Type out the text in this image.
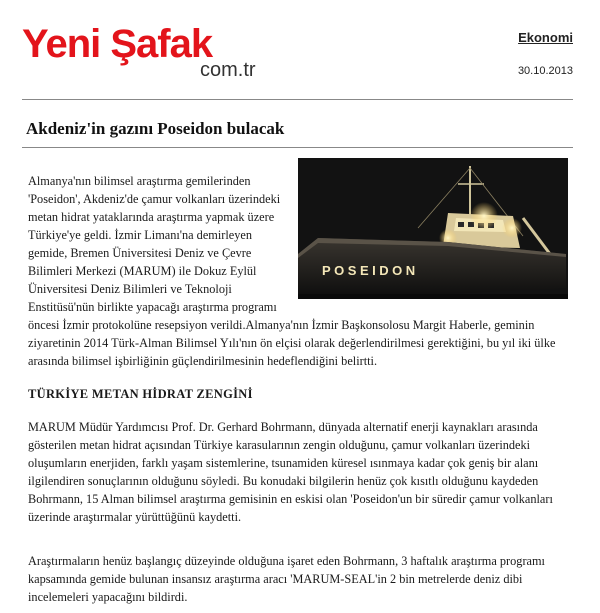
Yeni Şafak
com.tr
Ekonomi
30.10.2013
Akdeniz'in gazını Poseidon bulacak
POSEIDON

Almanya'nın bilimsel araştırma gemilerinden 'Poseidon', Akdeniz'de çamur volkanları üzerindeki metan hidrat yataklarında araştırma yapmak üzere Türkiye'ye geldi. İzmir Limanı'na demirleyen gemide, Bremen Üniversitesi Deniz ve Çevre Bilimleri Merkezi (MARUM) ile Dokuz Eylül Üniversitesi Deniz Bilimleri ve Teknoloji Enstitüsü'nün birlikte yapacağı araştırma programı öncesi İzmir protokolüne resepsiyon verildi.Almanya'nın İzmir Başkonsolosu Margit Haberle, geminin ziyaretinin 2014 Türk-Alman Bilimsel Yılı'nın ön elçisi olarak değerlendirilmesi gerektiğini, bu yıl iki ülke arasında bilimsel işbirliğinin güçlendirilmesinin hedeflendiğini belirtti.

TÜRKİYE METAN HİDRAT ZENGİNİ

MARUM Müdür Yardımcısı Prof. Dr. Gerhard Bohrmann, dünyada alternatif enerji kaynakları arasında gösterilen metan hidrat açısından Türkiye karasularının zengin olduğunu, çamur volkanları üzerindeki oluşumların enerjiden, farklı yaşam sistemlerine, tsunamiden küresel ısınmaya kadar çok geniş bir alanı ilgilendiren sonuçlarının olduğunu söyledi. Bu konudaki bilgilerin henüz çok kısıtlı olduğunu kaydeden Bohrmann, 15 Alman bilimsel araştırma gemisinin en eskisi olan 'Poseidon'un bir süredir çamur volkanları üzerinde araştırmalar yürüttüğünü kaydetti.

Araştırmaların henüz başlangıç düzeyinde olduğuna işaret eden Bohrmann, 3 haftalık araştırma programı kapsamında gemide bulunan insansız araştırma aracı 'MARUM-SEAL'in 2 bin metrelerde deniz dibi incelemeleri yapacağını bildirdi.
